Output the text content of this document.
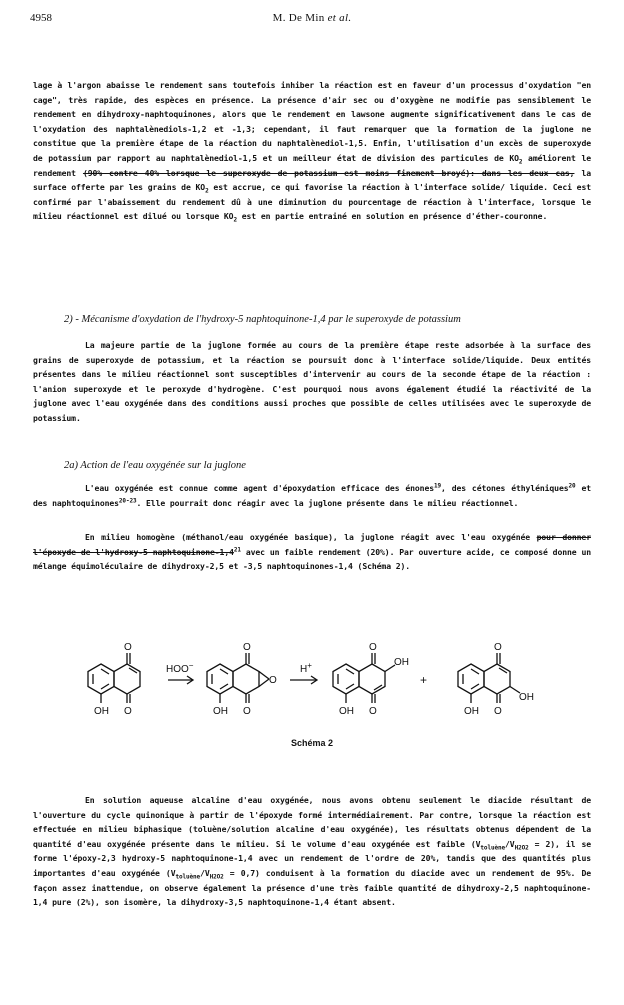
4958	M. De Min et al.

lage à l'argon abaisse le rendement sans toutefois inhiber la réaction est en faveur d'un processus d'oxydation "en cage", très rapide, des espèces en présence. La présence d'air sec ou d'oxygène ne modifie pas sensiblement le rendement en dihydroxy-naphtoquinones, alors que le rendement en lawsone augmente significativement dans le cas de l'oxydation des naphtalènediols-1,2 et -1,3; cependant, il faut remarquer que la formation de la juglone ne constitue que la première étape de la réaction du naphtalènediol-1,5. Enfin, l'utilisation d'un excès de superoxyde de potassium par rapport au naphtalènediol-1,5 et un meilleur état de division des particules de $KO_2$ améliorent le rendement (90% contre 40% lorsque le superoxyde de potassium est moins finement broyé): dans les deux cas, la surface offerte par les grains de $KO_2$ est accrue, ce qui favorise la réaction à l'interface solide/ liquide. Ceci est confirmé par l'abaissement du rendement dû à une diminution du pourcentage de réaction à l'interface, lorsque le milieu réactionnel est dilué ou lorsque $KO_2$ est en partie entrainé en solution en présence d'éther-couronne.

2) - Mécanisme d'oxydation de l'hydroxy-5 naphtoquinone-1,4 par le superoxyde de potassium

La majeure partie de la juglone formée au cours de la première étape reste adsorbée à la surface des grains de superoxyde de potassium, et la réaction se poursuit donc à l'interface solide/liquide. Deux entités présentes dans le milieu réactionnel sont susceptibles d'intervenir au cours de la seconde étape de la réaction : l'anion superoxyde et le peroxyde d'hydrogène. C'est pourquoi nous avons également étudié la réactivité de la juglone avec l'eau oxygénée dans des conditions aussi proches que possible de celles utilisées avec le superoxyde de potassium.

2a) Action de l'eau oxygénée sur la juglone

L'eau oxygénée est connue comme agent d'époxydation efficace des énones$^{19}$, des cétones éthyléniques$^{20}$ et des naphtoquinones$^{20-23}$. Elle pourrait donc réagir avec la juglone présente dans le milieu réactionnel.

En milieu homogène (méthanol/eau oxygénée basique), la juglone réagit avec l'eau oxygénée pour donner l'époxyde de l'hydroxy-5 naphtoquinone-$1,4^{21}$ avec un faible rendement (20%). Par ouverture acide, ce composé donne un mélange équimoléculaire de dihydroxy-2,5 et -3,5 naphtoquinones-1,4 (Schéma 2).

O
OH O
HOO−
O
O
OH O
H+
O
OH
OH O
+
O
OH
OH O
Schéma 2

En solution aqueuse alcaline d'eau oxygénée, nous avons obtenu seulement le diacide résultant de l'ouverture du cycle quinonique à partir de l'époxyde formé intermédiairement. Par contre, lorsque la réaction est effectuée en milieu biphasique (toluène/solution alcaline d'eau oxygénée), les résultats obtenus dépendent de la quantité d'eau oxygénée présente dans le milieu. Si le volume d'eau oxygénée est faible $(V_{toluène}/V_{H2O2} = 2)$, il se forme l'époxy-2,3 hydroxy-5 naphtoquinone-1,4 avec un rendement de l'ordre de 20%, tandis que des quantités plus importantes d'eau oxygénée $(V_{toluène}/V_{H2O2} = 0,7)$ conduisent à la formation du diacide avec un rendement de 95%. De façon assez inattendue, on observe également la présence d'une très faible quantité de dihydroxy-2,5 naphtoquinone-1,4 pure (2%), son isomère, la dihydroxy-3,5 naphtoquinone-1,4 étant absent.
